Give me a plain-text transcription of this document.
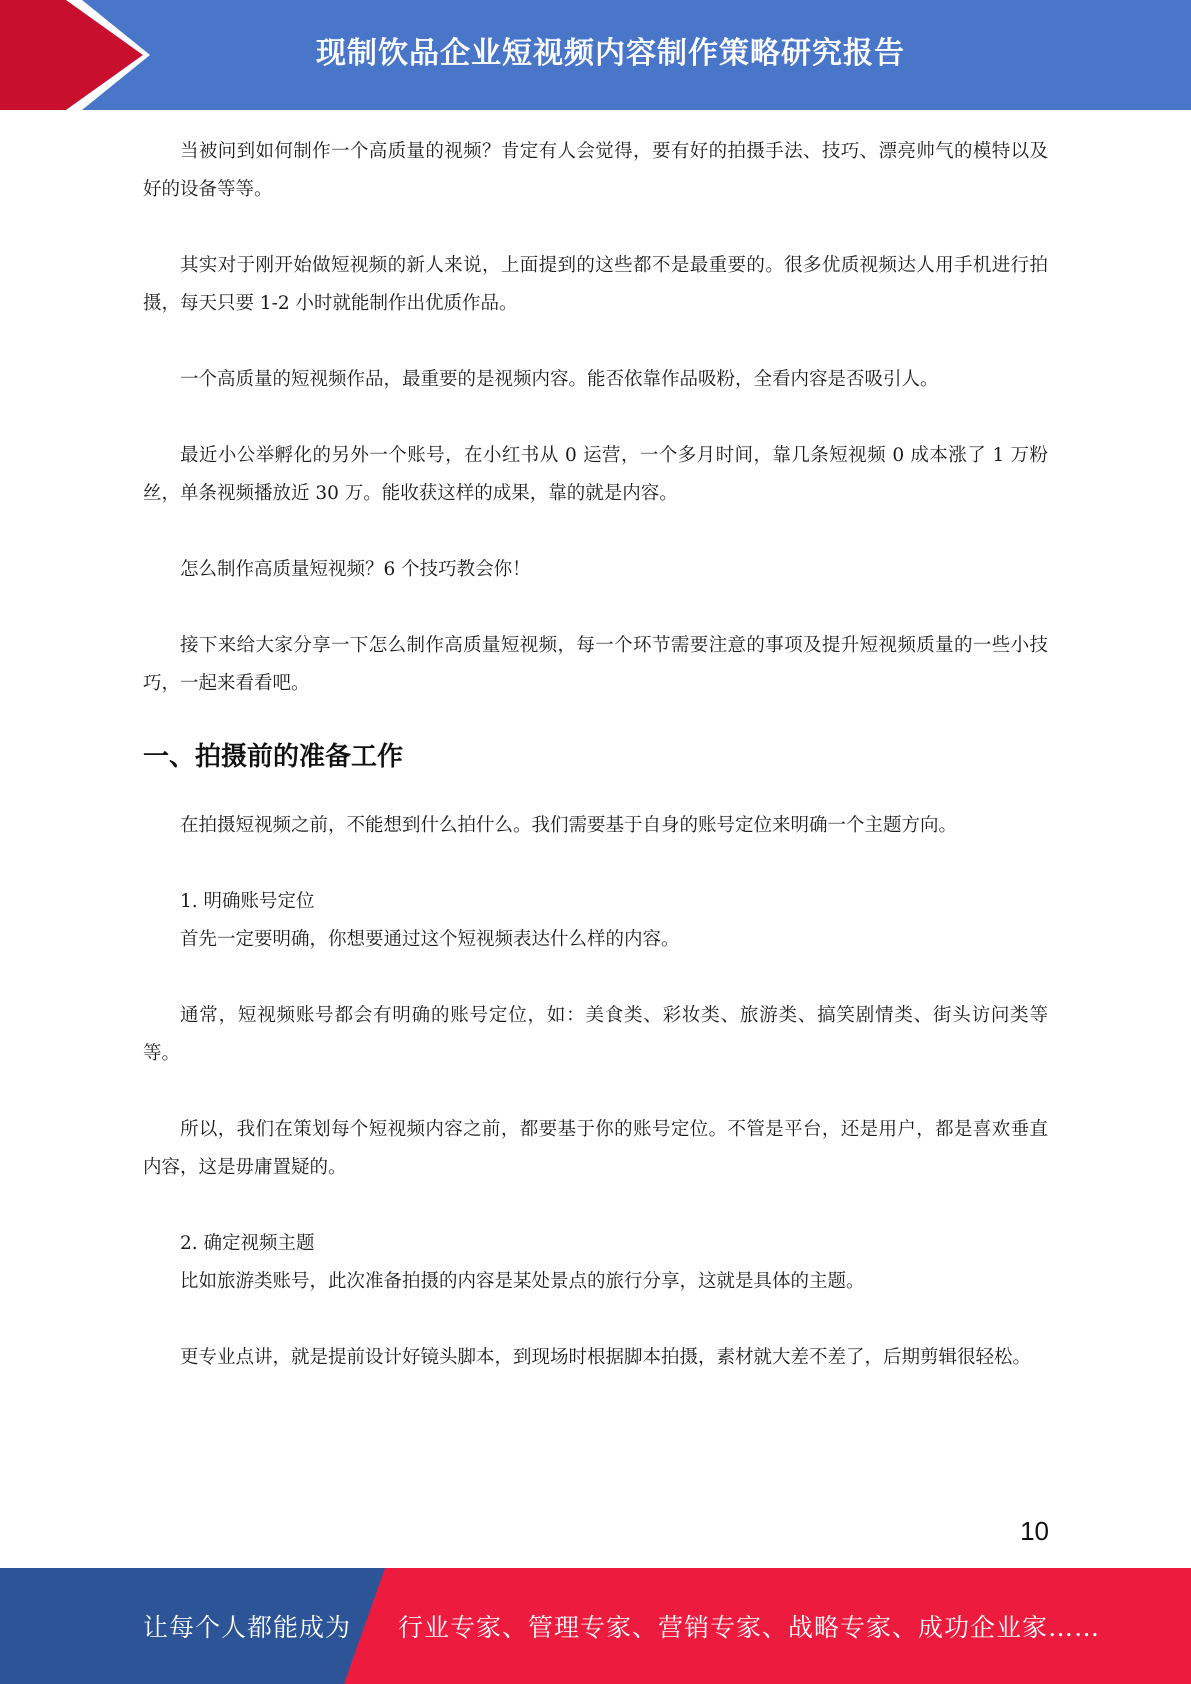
现制饮品企业短视频内容制作策略研究报告

当被问到如何制作一个高质量的视频？肯定有人会觉得，要有好的拍摄手法、技巧、漂亮帅气的模特以及好的设备等等。

其实对于刚开始做短视频的新人来说，上面提到的这些都不是最重要的。很多优质视频达人用手机进行拍摄，每天只要 1-2 小时就能制作出优质作品。

一个高质量的短视频作品，最重要的是视频内容。能否依靠作品吸粉，全看内容是否吸引人。

最近小公举孵化的另外一个账号，在小红书从 0 运营，一个多月时间，靠几条短视频 0 成本涨了 1 万粉丝，单条视频播放近 30 万。能收获这样的成果，靠的就是内容。

怎么制作高质量短视频？6 个技巧教会你！

接下来给大家分享一下怎么制作高质量短视频，每一个环节需要注意的事项及提升短视频质量的一些小技巧，一起来看看吧。

一、拍摄前的准备工作

在拍摄短视频之前，不能想到什么拍什么。我们需要基于自身的账号定位来明确一个主题方向。

1. 明确账号定位

首先一定要明确，你想要通过这个短视频表达什么样的内容。

通常，短视频账号都会有明确的账号定位，如：美食类、彩妆类、旅游类、搞笑剧情类、街头访问类等等。

所以，我们在策划每个短视频内容之前，都要基于你的账号定位。不管是平台，还是用户，都是喜欢垂直内容，这是毋庸置疑的。

2. 确定视频主题

比如旅游类账号，此次准备拍摄的内容是某处景点的旅行分享，这就是具体的主题。

更专业点讲，就是提前设计好镜头脚本，到现场时根据脚本拍摄，素材就大差不差了，后期剪辑很轻松。

10
让每个人都能成为 行业专家、管理专家、营销专家、战略专家、成功企业家……
